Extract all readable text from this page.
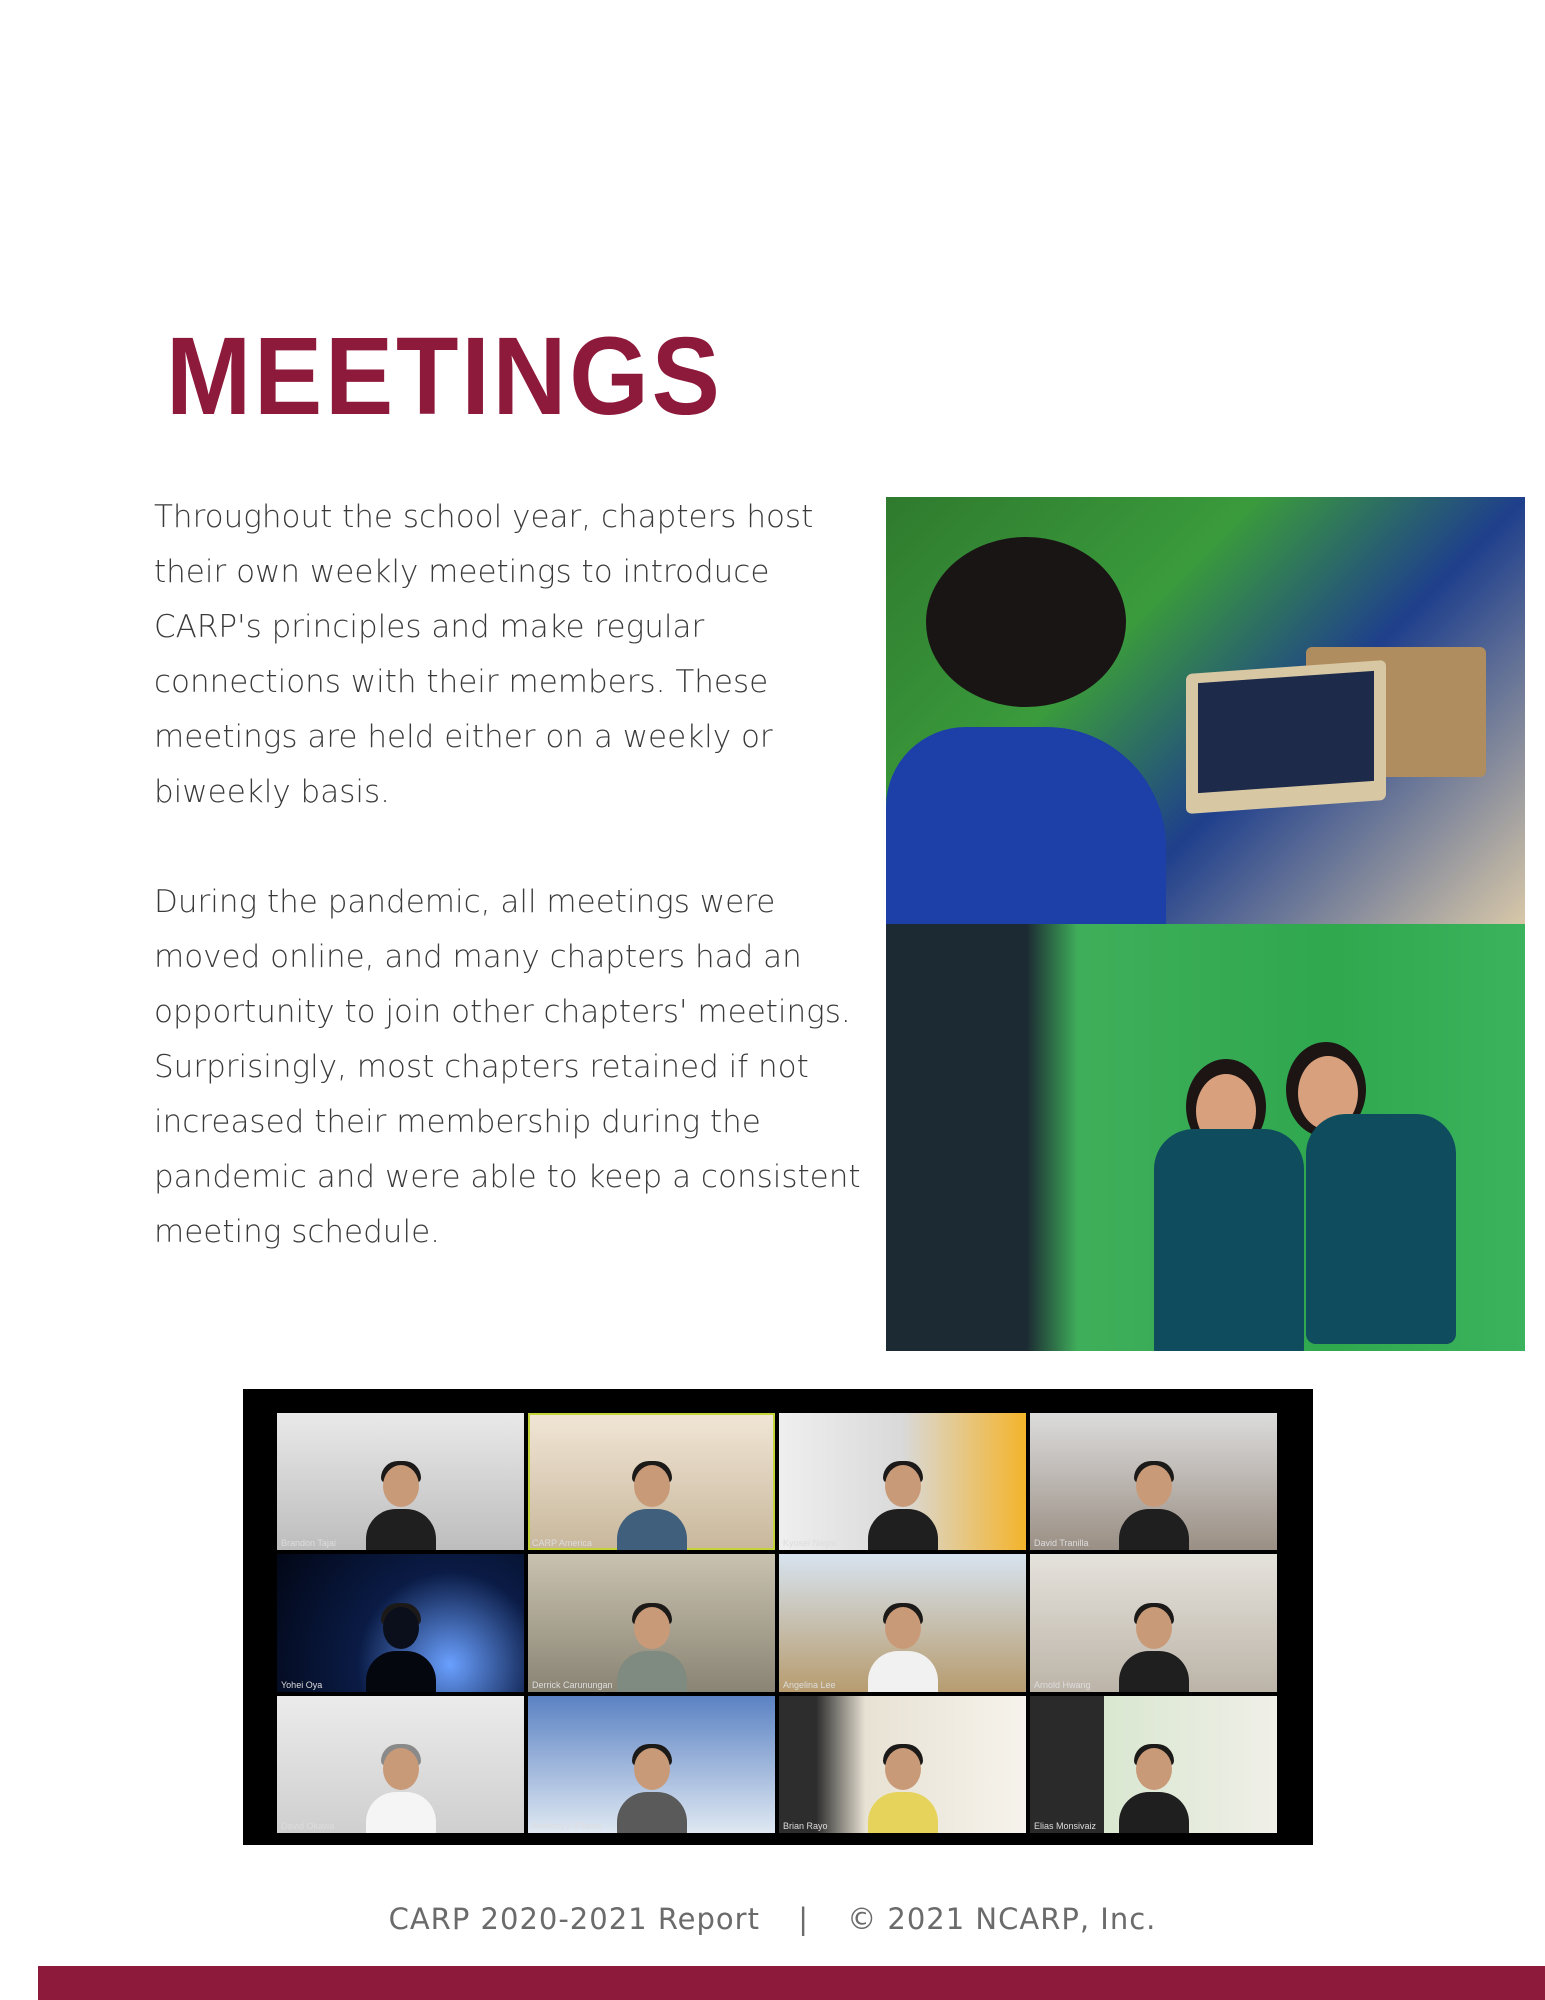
MEETINGS

Throughout the school year, chapters host their own weekly meetings to introduce CARP's principles and make regular connections with their members. These meetings are held either on a weekly or biweekly basis.

During the pandemic, all meetings were moved online, and many chapters had an opportunity to join other chapters' meetings. Surprisingly, most chapters retained if not increased their membership during the pandemic and were able to keep a consistent meeting schedule.

Brandon Tajai	CARP America	Kyosei Nagai	David Tranilla
Yohei Oya	Derrick Carunungan	Angelina Lee	Arnold Hwang
David Okawa	Anthony's iPhone	Brian Rayo	Elias Monsivaiz
CARP 2020-2021 Report | © 2021 NCARP, Inc.
